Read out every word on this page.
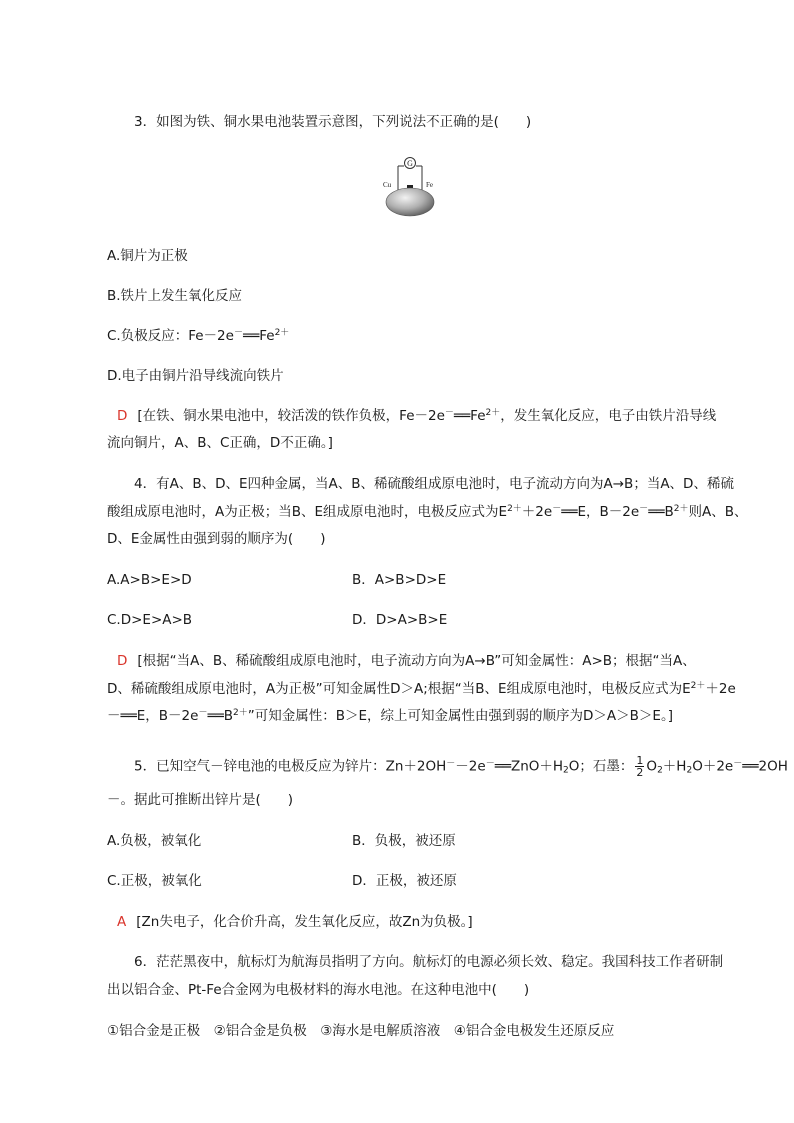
3．如图为铁、铜水果电池装置示意图，下列说法不正确的是(　　)
G
Cu	Fe
A.铜片为正极
B.铁片上发生氧化反应
C.负极反应：$Fe-2e^-══Fe^{2+}$
D.电子由铜片沿导线流向铁片
D [在铁、铜水果电池中，较活泼的铁作负极，$Fe-2e^-══Fe^{2+}$，发生氧化反应，电子由铁片沿导线
流向铜片，A、B、C正确，D不正确。]
4．有A、B、D、E四种金属，当A、B、稀硫酸组成原电池时，电子流动方向为A→B；当A、D、稀硫
酸组成原电池时，A为正极；当B、E组成原电池时，电极反应式为$E^{2+}+2e^-══E$，$B-2e^-══B^{2+}$则A、B、
D、E金属性由强到弱的顺序为(　　)
A.A>B>E>D	B．A>B>D>E
C.D>E>A>B	D．D>A>B>E
D [根据“当A、B、稀硫酸组成原电池时，电子流动方向为A→B”可知金属性：A>B；根据“当A、
D、稀硫酸组成原电池时，A为正极”可知金属性D＞A;根据“当B、E组成原电池时，电极反应式为$E^{2+}+2e$
－══E，$B-2e^-══B^{2+}$”可知金属性：B＞E，综上可知金属性由强到弱的顺序为D＞A＞B＞E。]
5．已知空气－锌电池的电极反应为锌片：$Zn+2OH^--2e^-══ZnO+H_2O$；石墨： $\frac{1}{2}$ $O_2+H_2O+2e^-══2OH$
－。据此可推断出锌片是(　　)
A.负极，被氧化	B．负极，被还原
C.正极，被氧化	D．正极，被还原
A [Zn失电子，化合价升高，发生氧化反应，故Zn为负极。]
6．茫茫黑夜中，航标灯为航海员指明了方向。航标灯的电源必须长效、稳定。我国科技工作者研制
出以铝合金、Pt-Fe合金网为电极材料的海水电池。在这种电池中(　　)
①铝合金是正极　②铝合金是负极　③海水是电解质溶液　④铝合金电极发生还原反应
